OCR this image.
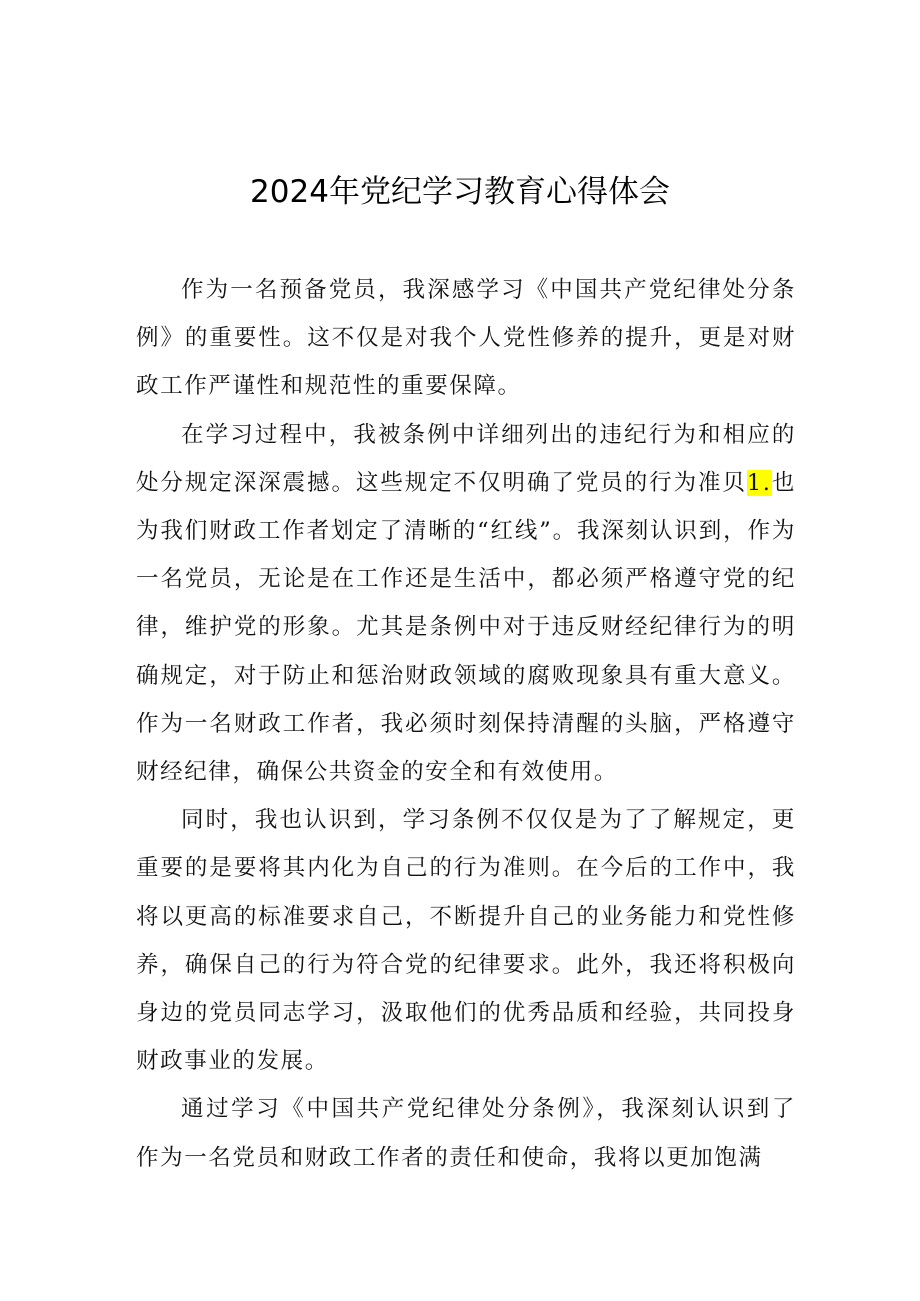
2024年党纪学习教育心得体会

作为一名预备党员，我深感学习《中国共产党纪律处分条例》的重要性。这不仅是对我个人党性修养的提升，更是对财政工作严谨性和规范性的重要保障。

在学习过程中，我被条例中详细列出的违纪行为和相应的处分规定深深震撼。这些规定不仅明确了党员的行为准贝1.也为我们财政工作者划定了清晰的“红线”。我深刻认识到，作为一名党员，无论是在工作还是生活中，都必须严格遵守党的纪律，维护党的形象。尤其是条例中对于违反财经纪律行为的明确规定，对于防止和惩治财政领域的腐败现象具有重大意义。作为一名财政工作者，我必须时刻保持清醒的头脑，严格遵守财经纪律，确保公共资金的安全和有效使用。

同时，我也认识到，学习条例不仅仅是为了了解规定，更重要的是要将其内化为自己的行为准则。在今后的工作中，我将以更高的标准要求自己，不断提升自己的业务能力和党性修养，确保自己的行为符合党的纪律要求。此外，我还将积极向身边的党员同志学习，汲取他们的优秀品质和经验，共同投身财政事业的发展。

通过学习《中国共产党纪律处分条例》，我深刻认识到了作为一名党员和财政工作者的责任和使命，我将以更加饱满
